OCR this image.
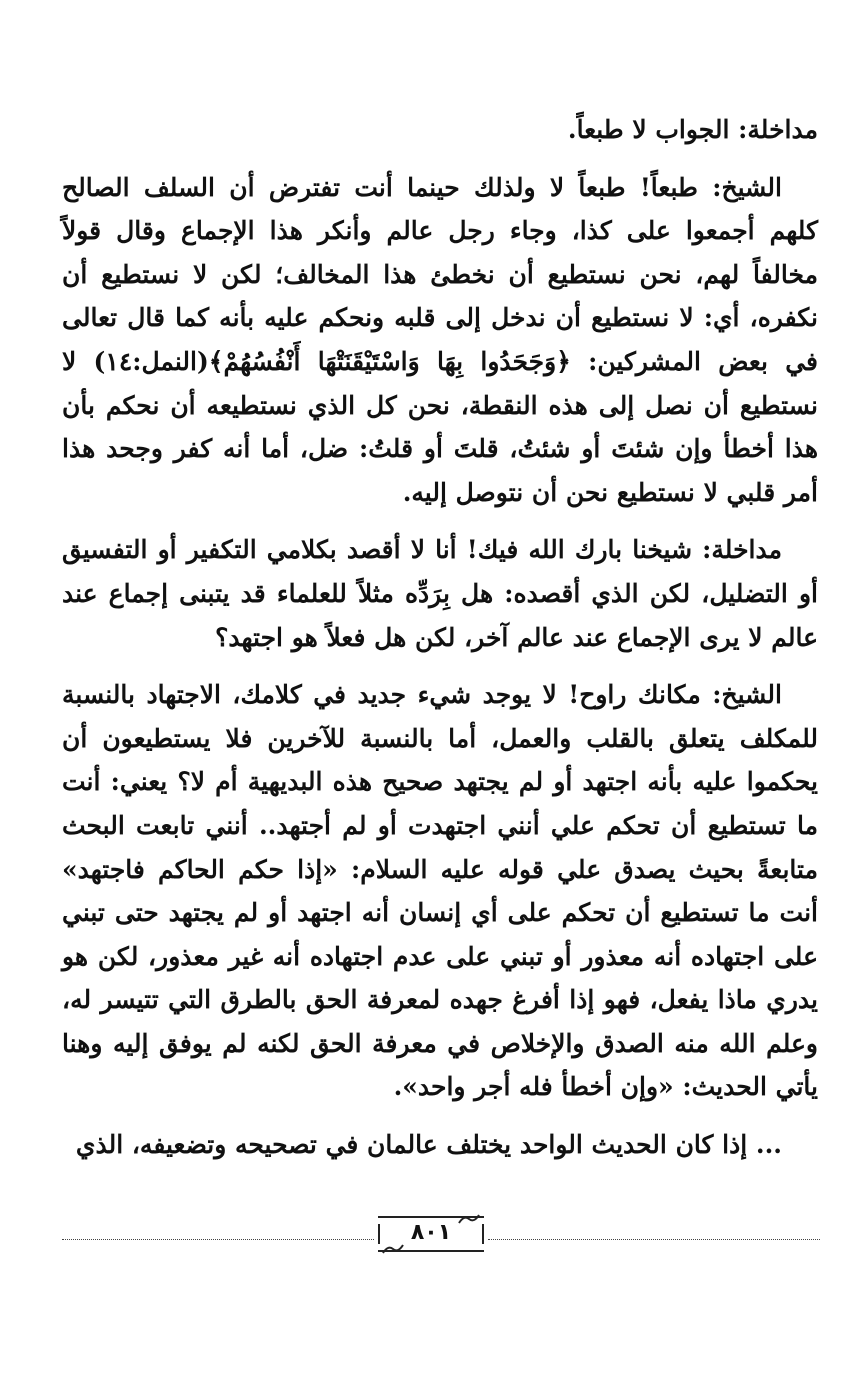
مداخلة: الجواب لا طبعاً.

الشيخ: طبعاً! طبعاً لا ولذلك حينما أنت تفترض أن السلف الصالح كلهم أجمعوا على كذا، وجاء رجل عالم وأنكر هذا الإجماع وقال قولاً مخالفاً لهم، نحن نستطيع أن نخطئ هذا المخالف؛ لكن لا نستطيع أن نكفره، أي: لا نستطيع أن ندخل إلى قلبه ونحكم عليه بأنه كما قال تعالى في بعض المشركين: ﴿وَجَحَدُوا بِهَا وَاسْتَيْقَنَتْهَا أَنْفُسُهُمْ﴾(النمل:١٤) لا نستطيع أن نصل إلى هذه النقطة، نحن كل الذي نستطيعه أن نحكم بأن هذا أخطأ وإن شئتَ أو شئتُ، قلتَ أو قلتُ: ضل، أما أنه كفر وجحد هذا أمر قلبي لا نستطيع نحن أن نتوصل إليه.

مداخلة: شيخنا بارك الله فيك! أنا لا أقصد بكلامي التكفير أو التفسيق أو التضليل، لكن الذي أقصده: هل بِرَدِّه مثلاً للعلماء قد يتبنى إجماع عند عالم لا يرى الإجماع عند عالم آخر، لكن هل فعلاً هو اجتهد؟

الشيخ: مكانك راوح! لا يوجد شيء جديد في كلامك، الاجتهاد بالنسبة للمكلف يتعلق بالقلب والعمل، أما بالنسبة للآخرين فلا يستطيعون أن يحكموا عليه بأنه اجتهد أو لم يجتهد صحيح هذه البديهية أم لا؟ يعني: أنت ما تستطيع أن تحكم علي أنني اجتهدت أو لم أجتهد.. أنني تابعت البحث متابعةً بحيث يصدق علي قوله عليه السلام: «إذا حكم الحاكم فاجتهد» أنت ما تستطيع أن تحكم على أي إنسان أنه اجتهد أو لم يجتهد حتى تبني على اجتهاده أنه معذور أو تبني على عدم اجتهاده أنه غير معذور، لكن هو يدري ماذا يفعل، فهو إذا أفرغ جهده لمعرفة الحق بالطرق التي تتيسر له، وعلم الله منه الصدق والإخلاص في معرفة الحق لكنه لم يوفق إليه وهنا يأتي الحديث: «وإن أخطأ فله أجر واحد».

... إذا كان الحديث الواحد يختلف عالمان في تصحيحه وتضعيفه، الذي

٨٠١
